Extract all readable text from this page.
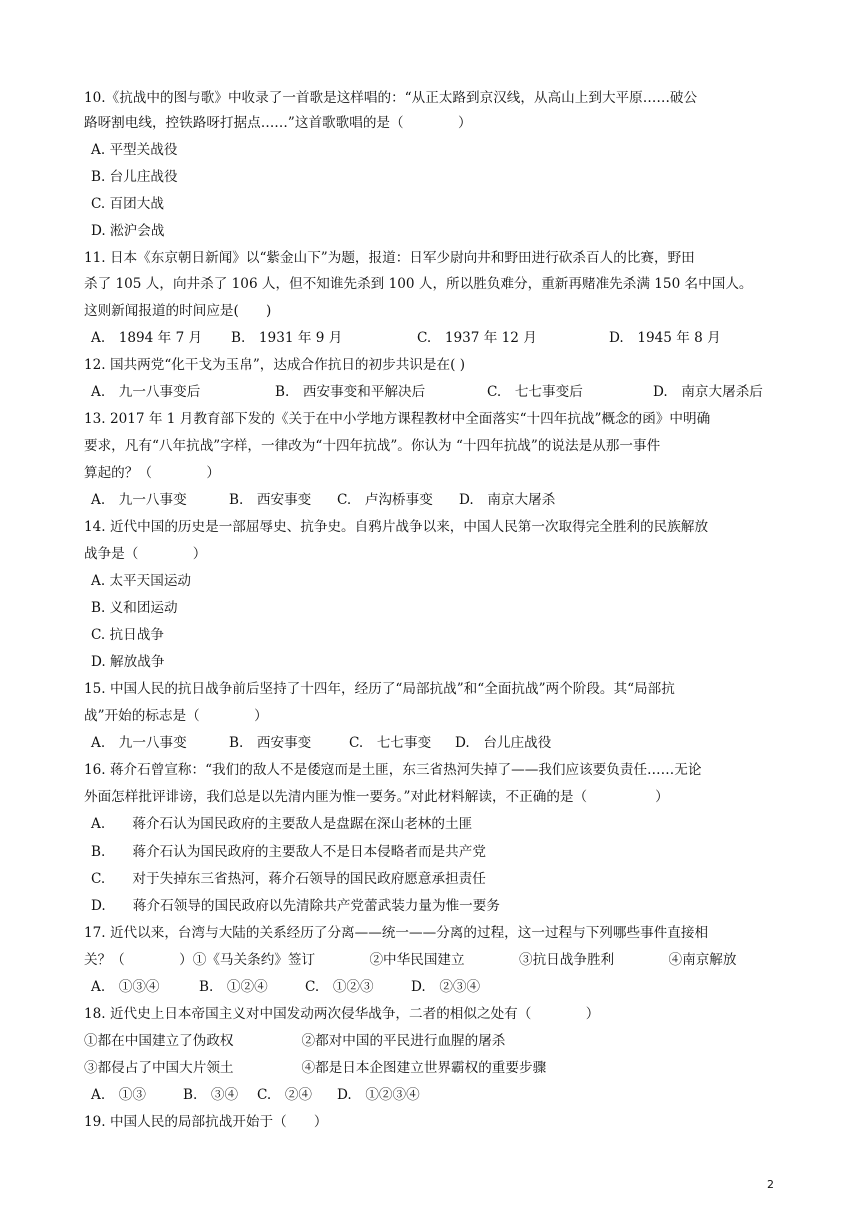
10.《抗战中的图与歌》中收录了一首歌是这样唱的：“从正太路到京汉线，从高山上到大平原……破公
路呀割电线，控铁路呀打据点……”这首歌歌唱的是（　　　　）
A. 平型关战役
B. 台儿庄战役
C. 百团大战
D. 淞沪会战
11. 日本《东京朝日新闻》以“紫金山下”为题，报道：日军少尉向井和野田进行砍杀百人的比赛，野田
杀了 105 人，向井杀了 106 人，但不知谁先杀到 100 人，所以胜负难分，重新再赌准先杀满 150 名中国人。
这则新闻报道的时间应是(　　)
A.　1894 年 7 月	B.　1931 年 9 月	C.　1937 年 12 月	D.　1945 年 8 月
12. 国共两党“化干戈为玉帛”，达成合作抗日的初步共识是在( )
A.　九一八事变后	B.　西安事变和平解决后	C.　七七事变后	D.　南京大屠杀后
13. 2017 年 1 月教育部下发的《关于在中小学地方课程教材中全面落实“十四年抗战”概念的函》中明确
要求，凡有“八年抗战”字样，一律改为“十四年抗战”。你认为 “十四年抗战”的说法是从那一事件
算起的？（　　　　）
A.　九一八事变	B.　西安事变	C.　卢沟桥事变	D.　南京大屠杀
14. 近代中国的历史是一部屈辱史、抗争史。自鸦片战争以来，中国人民第一次取得完全胜利的民族解放
战争是（　　　　）
A. 太平天国运动
B. 义和团运动
C. 抗日战争
D. 解放战争
15. 中国人民的抗日战争前后坚持了十四年，经历了“局部抗战”和“全面抗战”两个阶段。其“局部抗
战”开始的标志是（　　　　）
A.　九一八事变	B.　西安事变	C.　七七事变	D.　台儿庄战役
16. 蒋介石曾宣称：“我们的敌人不是倭寇而是土匪，东三省热河失掉了——我们应该要负责任……无论
外面怎样批评诽谤，我们总是以先清内匪为惟一要务。”对此材料解读，不正确的是（　　　　　）
A.　　蒋介石认为国民政府的主要敌人是盘踞在深山老林的土匪
B.　　蒋介石认为国民政府的主要敌人不是日本侵略者而是共产党
C.　　对于失掉东三省热河，蒋介石领导的国民政府愿意承担责任
D.　　蒋介石领导的国民政府以先清除共产党蕾武装力量为惟一要务
17. 近代以来，台湾与大陆的关系经历了分离——统一——分离的过程，这一过程与下列哪些事件直接相
关？（　　　　）①《马关条约》签订　　　　②中华民国建立　　　　③抗日战争胜利　　　　④南京解放
A.　①③④	B.　①②④	C.　①②③	D.　②③④
18. 近代史上日本帝国主义对中国发动两次侵华战争，二者的相似之处有（　　　　）
①都在中国建立了伪政权　　　　　②都对中国的平民进行血腥的屠杀
③都侵占了中国大片领土　　　　　④都是日本企图建立世界霸权的重要步骤
A.　①③	B.　③④	C.　②④	D.　①②③④
19. 中国人民的局部抗战开始于（　　）
2
